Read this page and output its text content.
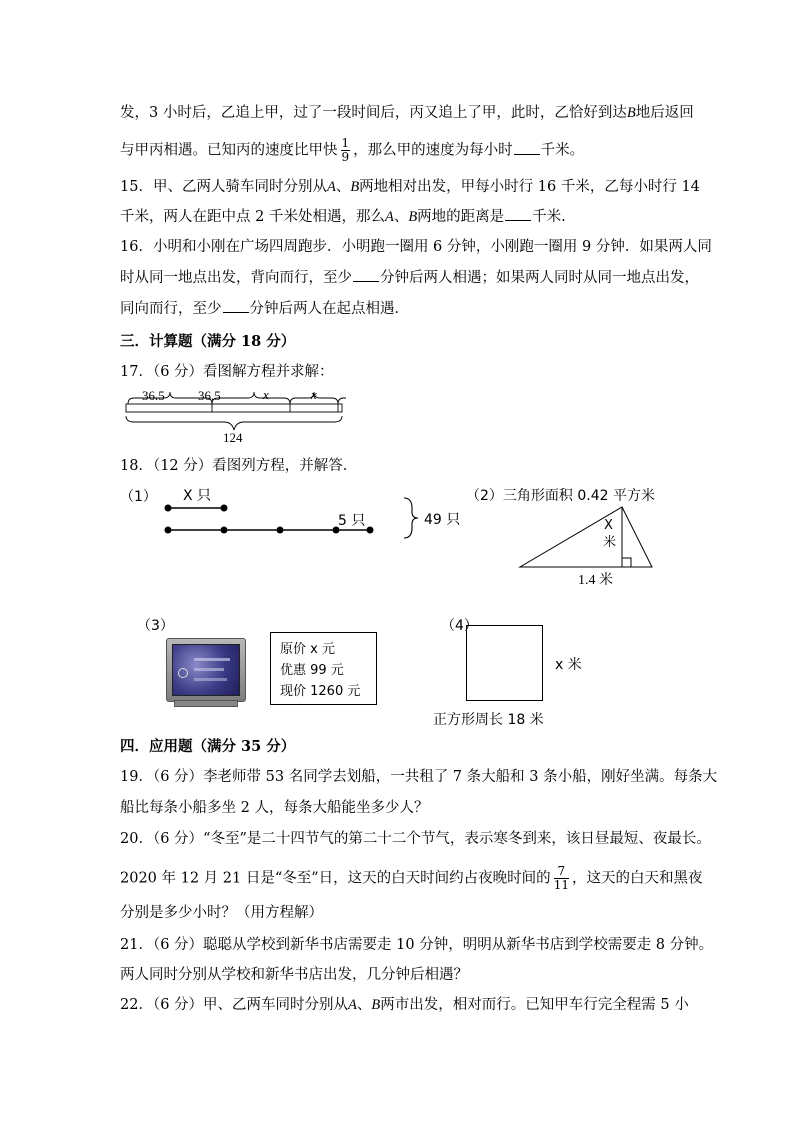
发，3 小时后，乙追上甲，过了一段时间后，丙又追上了甲，此时，乙恰好到达B地后返回
与甲丙相遇。已知丙的速度比甲快 $\frac{1}{9}$ ，那么甲的速度为每小时 千米。
15．甲、乙两人骑车同时分别从A、B两地相对出发，甲每小时行 16 千米，乙每小时行 14
千米，两人在距中点 2 千米处相遇，那么A、B两地的距离是 千米.
16．小明和小刚在广场四周跑步．小明跑一圈用 6 分钟，小刚跑一圈用 9 分钟．如果两人同
时从同一地点出发，背向而行，至少 分钟后两人相遇；如果两人同时从同一地点出发，
同向而行，至少 分钟后两人在起点相遇．
三．计算题（满分 18 分）
17．（6 分）看图解方程并求解：
36.5	36.5	x	x
124
18．（12 分）看图列方程，并解答．
（1） X 只
5 只	49 只
（2）三角形面积 0.42 平方米
X
米
1.4 米
（3）
原价 x 元
优惠 99 元
现价 1260 元
（4）
x 米
正方形周长 18 米
四．应用题（满分 35 分）
19．（6 分）李老师带 53 名同学去划船，一共租了 7 条大船和 3 条小船，刚好坐满。每条大
船比每条小船多坐 2 人，每条大船能坐多少人？
20．（6 分）“冬至”是二十四节气的第二十二个节气，表示寒冬到来，该日昼最短、夜最长。
2020 年 12 月 21 日是“冬至”日，这天的白天时间约占夜晚时间的 $\frac{7}{11}$ ，这天的白天和黑夜
分别是多少小时？（用方程解）
21．（6 分）聪聪从学校到新华书店需要走 10 分钟，明明从新华书店到学校需要走 8 分钟。
两人同时分别从学校和新华书店出发，几分钟后相遇？
22．（6 分）甲、乙两车同时分别从A、B两市出发，相对而行。已知甲车行完全程需 5 小
